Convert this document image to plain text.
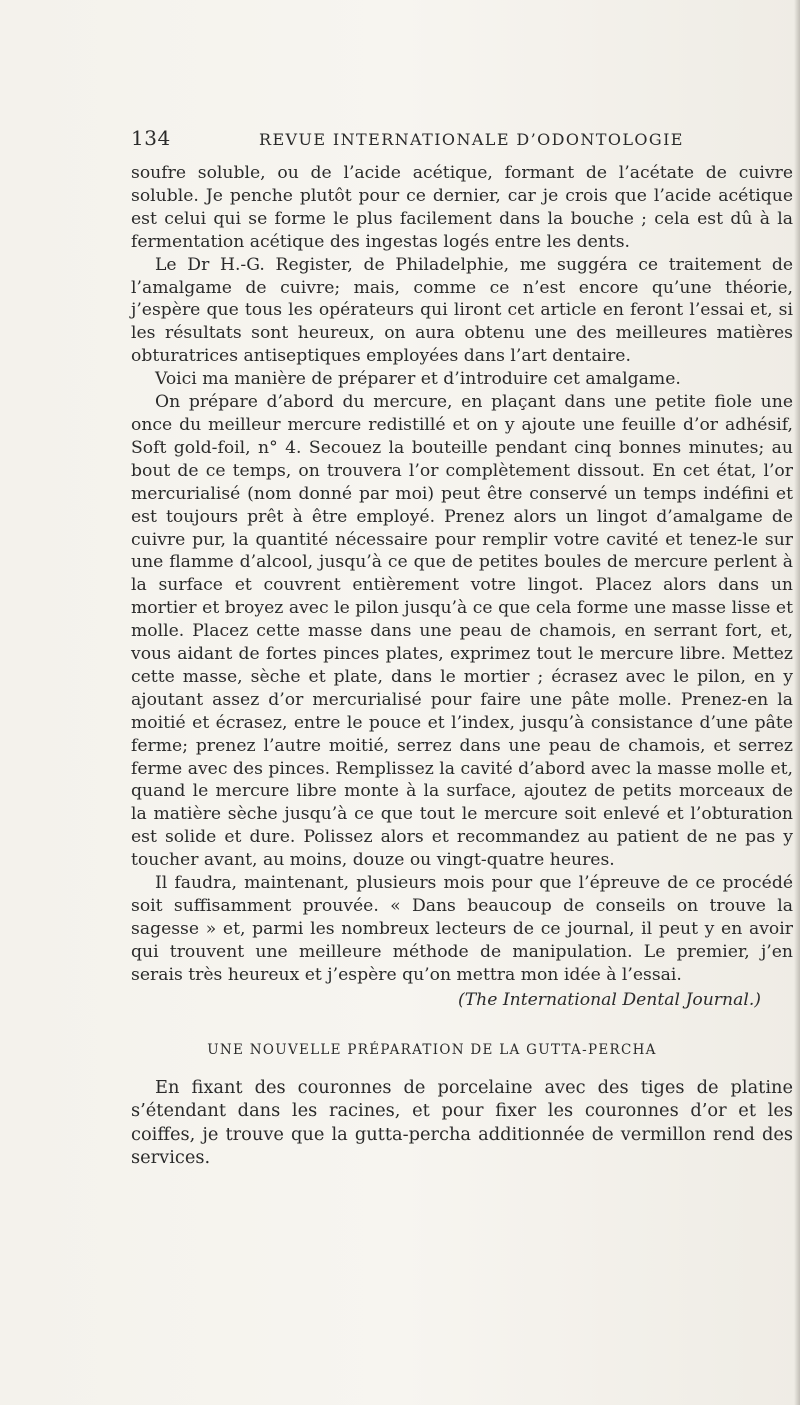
134	REVUE INTERNATIONALE D’ODONTOLOGIE

soufre soluble, ou de l’acide acétique, formant de l’acétate de cuivre soluble. Je penche plutôt pour ce dernier, car je crois que l’acide acétique est celui qui se forme le plus facilement dans la bouche ; cela est dû à la fermentation acétique des ingestas logés entre les dents.

Le Dr H.-G. Register, de Philadelphie, me suggéra ce traitement de l’amalgame de cuivre; mais, comme ce n’est encore qu’une théorie, j’espère que tous les opérateurs qui liront cet article en feront l’essai et, si les résultats sont heureux, on aura obtenu une des meilleures matières obturatrices antiseptiques employées dans l’art dentaire.

Voici ma manière de préparer et d’introduire cet amalgame.

On prépare d’abord du mercure, en plaçant dans une petite fiole une once du meilleur mercure redistillé et on y ajoute une feuille d’or adhésif, Soft gold-foil, n° 4. Secouez la bouteille pendant cinq bonnes minutes; au bout de ce temps, on trouvera l’or complètement dissout. En cet état, l’or mercurialisé (nom donné par moi) peut être conservé un temps indéfini et est toujours prêt à être employé. Prenez alors un lingot d’amalgame de cuivre pur, la quantité nécessaire pour remplir votre cavité et tenez-le sur une flamme d’alcool, jusqu’à ce que de petites boules de mercure perlent à la surface et couvrent entièrement votre lingot. Placez alors dans un mortier et broyez avec le pilon jusqu’à ce que cela forme une masse lisse et molle. Placez cette masse dans une peau de chamois, en serrant fort, et, vous aidant de fortes pinces plates, exprimez tout le mercure libre. Mettez cette masse, sèche et plate, dans le mortier ; écrasez avec le pilon, en y ajoutant assez d’or mercurialisé pour faire une pâte molle. Prenez-en la moitié et écrasez, entre le pouce et l’index, jusqu’à consistance d’une pâte ferme; prenez l’autre moitié, serrez dans une peau de chamois, et serrez ferme avec des pinces. Remplissez la cavité d’abord avec la masse molle et, quand le mercure libre monte à la surface, ajoutez de petits morceaux de la matière sèche jusqu’à ce que tout le mercure soit enlevé et l’obturation est solide et dure. Polissez alors et recommandez au patient de ne pas y toucher avant, au moins, douze ou vingt-quatre heures.

Il faudra, maintenant, plusieurs mois pour que l’épreuve de ce procédé soit suffisamment prouvée. « Dans beaucoup de conseils on trouve la sagesse » et, parmi les nombreux lecteurs de ce journal, il peut y en avoir qui trouvent une meilleure méthode de manipulation. Le premier, j’en serais très heureux et j’espère qu’on mettra mon idée à l’essai.

(The International Dental Journal.)

UNE NOUVELLE PRÉPARATION DE LA GUTTA-PERCHA

En fixant des couronnes de porcelaine avec des tiges de platine s’étendant dans les racines, et pour fixer les couronnes d’or et les coiffes, je trouve que la gutta-percha additionnée de vermillon rend des services.
